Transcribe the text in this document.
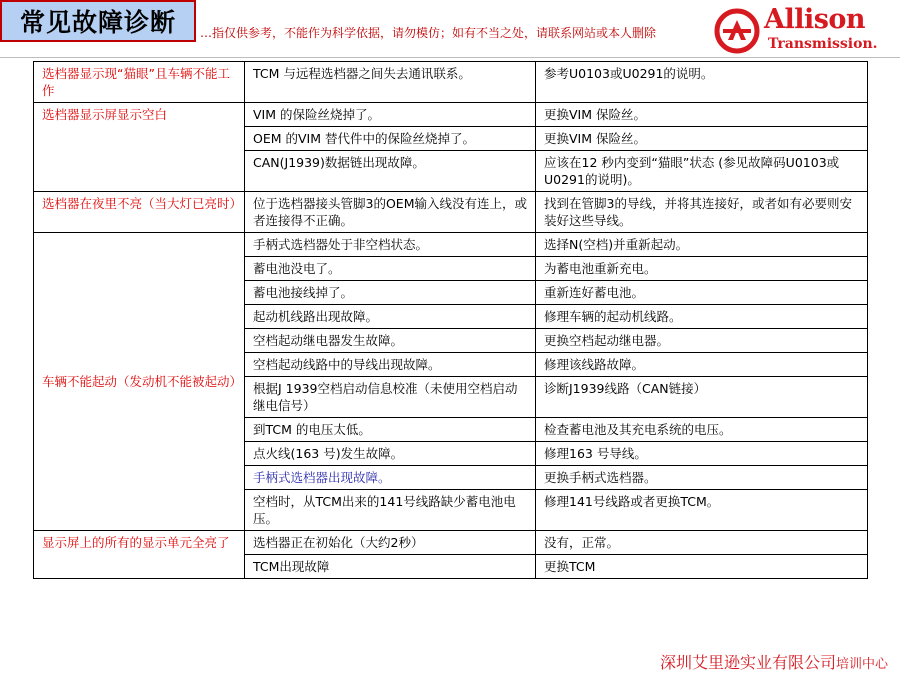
常见故障诊断 …指仅供参考，不能作为科学依据，请勿模仿；如有不当之处，请联系网站或本人删除	Allison
Transmission.
选档器显示现“猫眼”且车辆不能工作	TCM 与远程选档器之间失去通讯联系。	参考U0103或U0291的说明。
选档器显示屏显示空白	VIM 的保险丝烧掉了。	更换VIM 保险丝。
	OEM 的VIM 替代件中的保险丝烧掉了。	更换VIM 保险丝。
	CAN(J1939)数据链出现故障。	应该在12 秒内变到“猫眼”状态 (参见故障码U0103或U0291的说明)。
选档器在夜里不亮（当大灯已亮时）	位于选档器接头管脚3的OEM输入线没有连上，或者连接得不正确。	找到在管脚3的导线，并将其连接好，或者如有必要则安装好这些导线。
车辆不能起动（发动机不能被起动）	手柄式选档器处于非空档状态。	选择N(空档)并重新起动。
	蓄电池没电了。	为蓄电池重新充电。
	蓄电池接线掉了。	重新连好蓄电池。
	起动机线路出现故障。	修理车辆的起动机线路。
	空档起动继电器发生故障。	更换空档起动继电器。
	空档起动线路中的导线出现故障。	修理该线路故障。
	根据J 1939空档启动信息校准（未使用空档启动继电信号）	诊断J1939线路（CAN链接）
	到TCM 的电压太低。	检查蓄电池及其充电系统的电压。
	点火线(163 号)发生故障。	修理163 号导线。
	手柄式选档器出现故障。	更换手柄式选档器。
	空档时，从TCM出来的141号线路缺少蓄电池电压。	修理141号线路或者更换TCM。
显示屏上的所有的显示单元全亮了	选档器正在初始化（大约2秒）	没有，正常。
	TCM出现故障	更换TCM
深圳艾里逊实业有限公司培训中心
